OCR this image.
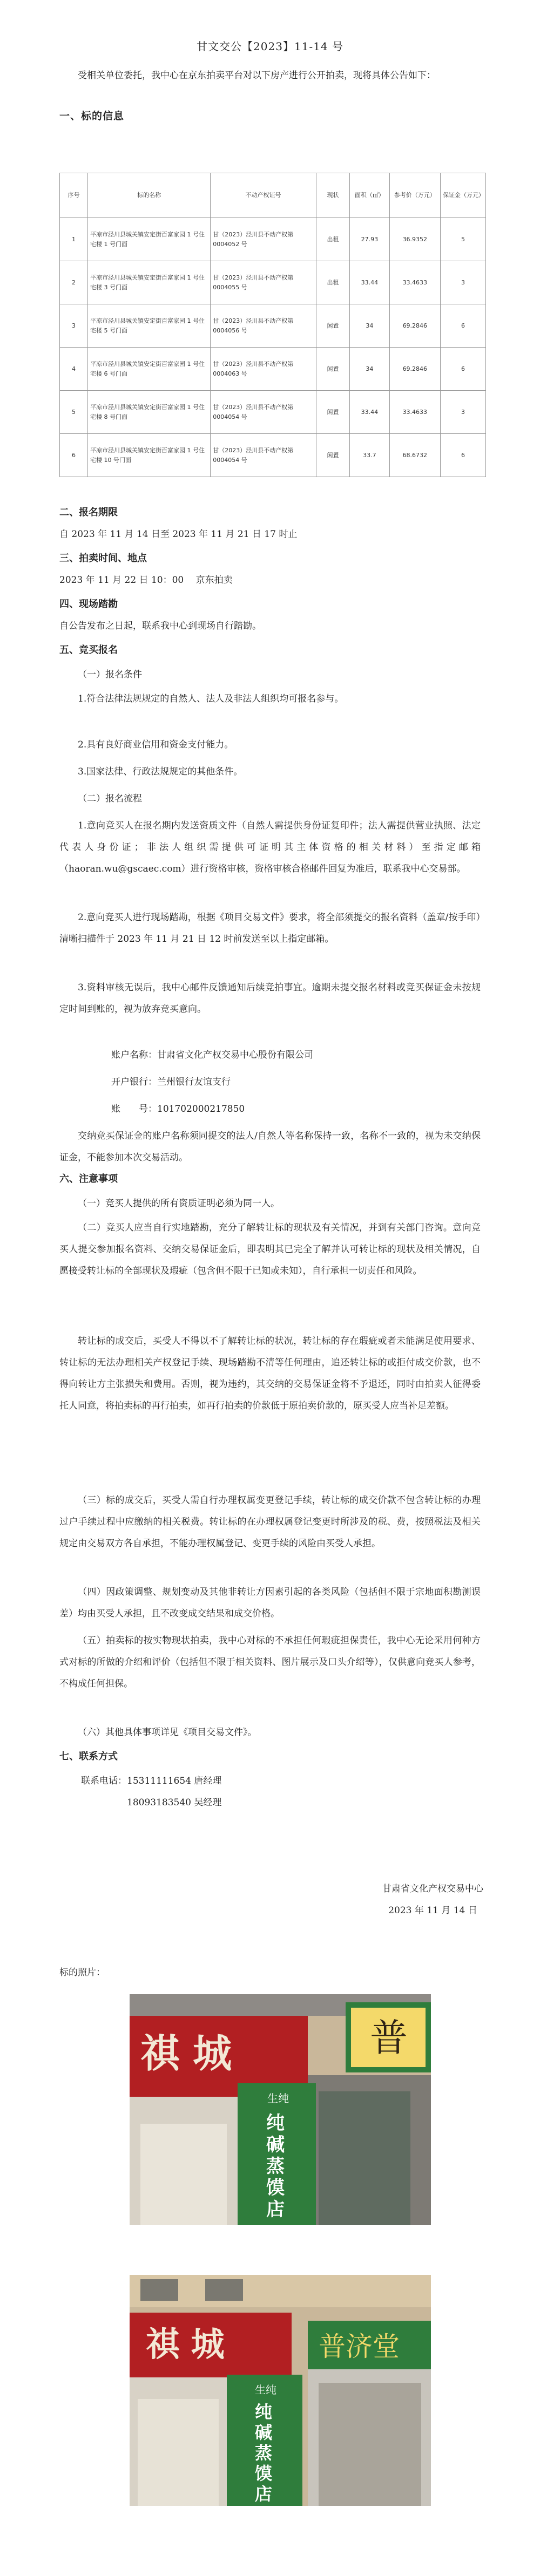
甘文交公【2023】11-14 号

受相关单位委托，我中心在京东拍卖平台对以下房产进行公开拍卖，现将具体公告如下：

一、标的信息
序号	标的名称	不动产权证号	现状	面积（㎡）	参考价（万元）	保证金（万元）
1	平凉市泾川县城关镇安定街百富家园 1 号住宅楼 1 号门面	甘（2023）泾川县不动产权第 0004052 号	出租	27.93	36.9352	5
2	平凉市泾川县城关镇安定街百富家园 1 号住宅楼 3 号门面	甘（2023）泾川县不动产权第 0004055 号	出租	33.44	33.4633	3
3	平凉市泾川县城关镇安定街百富家园 1 号住宅楼 5 号门面	甘（2023）泾川县不动产权第 0004056 号	闲置	34	69.2846	6
4	平凉市泾川县城关镇安定街百富家园 1 号住宅楼 6 号门面	甘（2023）泾川县不动产权第 0004063 号	闲置	34	69.2846	6
5	平凉市泾川县城关镇安定街百富家园 1 号住宅楼 8 号门面	甘（2023）泾川县不动产权第 0004054 号	闲置	33.44	33.4633	3
6	平凉市泾川县城关镇安定街百富家园 1 号住宅楼 10 号门面	甘（2023）泾川县不动产权第 0004054 号	闲置	33.7	68.6732	6
二、报名期限
自 2023 年 11 月 14 日至 2023 年 11 月 21 日 17 时止
三、拍卖时间、地点
2023 年 11 月 22 日 10：00　 京东拍卖
四、现场踏勘
自公告发布之日起，联系我中心到现场自行踏勘。
五、竞买报名

（一）报名条件

1.符合法律法规规定的自然人、法人及非法人组织均可报名参与。

2.具有良好商业信用和资金支付能力。

3.国家法律、行政法规规定的其他条件。

（二）报名流程

1.意向竞买人在报名期内发送资质文件（自然人需提供身份证复印件；法人需提供营业执照、法定代表人身份证；非法人组织需提供可证明其主体资格的相关材料）至指定邮箱（haoran.wu@gscaec.com）进行资格审核，资格审核合格邮件回复为准后，联系我中心交易部。

2.意向竞买人进行现场踏勘，根据《项目交易文件》要求，将全部须提交的报名资料（盖章/按手印）清晰扫描件于 2023 年 11 月 21 日 12 时前发送至以上指定邮箱。

3.资料审核无误后，我中心邮件反馈通知后续竞拍事宜。逾期未提交报名材料或竞买保证金未按规定时间到账的，视为放弃竞买意向。

账户名称：甘肃省文化产权交易中心股份有限公司
开户银行：兰州银行友谊支行
账　　号：101702000217850

交纳竞买保证金的账户名称须同提交的法人/自然人等名称保持一致，名称不一致的，视为未交纳保证金，不能参加本次交易活动。

六、注意事项

（一）竞买人提供的所有资质证明必须为同一人。

（二）竞买人应当自行实地踏勘，充分了解转让标的现状及有关情况，并到有关部门咨询。意向竞买人提交参加报名资料、交纳交易保证金后，即表明其已完全了解并认可转让标的现状及相关情况，自愿接受转让标的全部现状及瑕疵（包含但不限于已知或未知），自行承担一切责任和风险。

转让标的成交后，买受人不得以不了解转让标的状况，转让标的存在瑕疵或者未能满足使用要求、转让标的无法办理相关产权登记手续、现场踏勘不清等任何理由，追还转让标的或拒付成交价款，也不得向转让方主张损失和费用。否则，视为违约，其交纳的交易保证金将不予退还，同时由拍卖人征得委托人同意，将拍卖标的再行拍卖，如再行拍卖的价款低于原拍卖价款的，原买受人应当补足差额。

（三）标的成交后，买受人需自行办理权属变更登记手续，转让标的成交价款不包含转让标的办理过户手续过程中应缴纳的相关税费。转让标的在办理权属登记变更时所涉及的税、费，按照税法及相关规定由交易双方各自承担，不能办理权属登记、变更手续的风险由买受人承担。

（四）因政策调整、规划变动及其他非转让方因素引起的各类风险（包括但不限于宗地面积勘测误差）均由买受人承担，且不改变成交结果和成交价格。

（五）拍卖标的按实物现状拍卖，我中心对标的不承担任何瑕疵担保责任，我中心无论采用何种方式对标的所做的介绍和评价（包括但不限于相关资料、图片展示及口头介绍等），仅供意向竞买人参考，不构成任何担保。

（六）其他具体事项详见《项目交易文件》。

七、联系方式
联系电话：15311111654 唐经理
18093183540 吴经理
甘肃省文化产权交易中心
2023 年 11 月 14 日
标的照片：
祺 城	普
生纯
纯碱蒸馍店
祺 城	普济堂
生纯
纯碱蒸馍店
